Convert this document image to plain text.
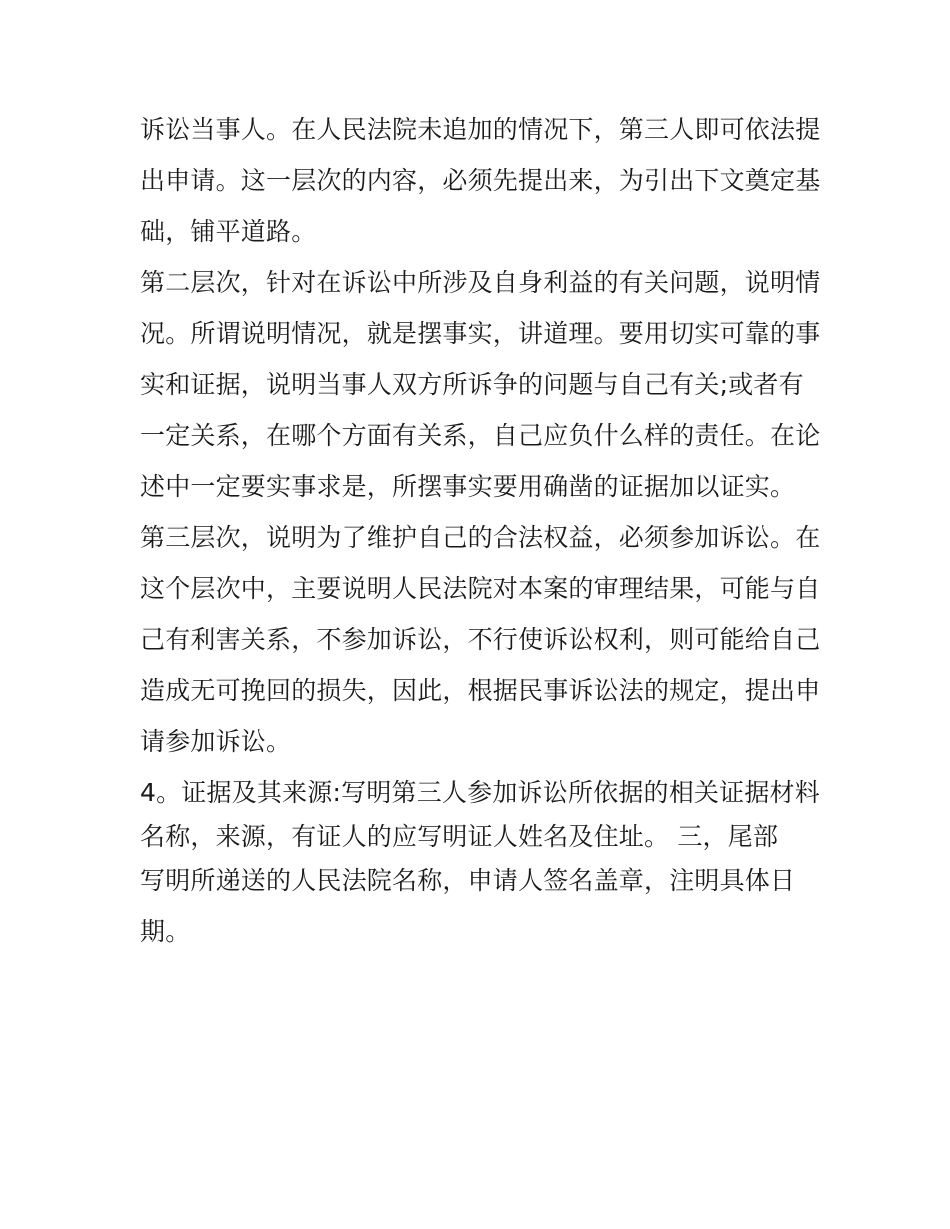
诉讼当事人。在人民法院未追加的情况下，第三人即可依法提
出申请。这一层次的内容，必须先提出来，为引出下文奠定基
础，铺平道路。
第二层次，针对在诉讼中所涉及自身利益的有关问题，说明情
况。所谓说明情况，就是摆事实，讲道理。要用切实可靠的事
实和证据，说明当事人双方所诉争的问题与自己有关;或者有
一定关系，在哪个方面有关系，自己应负什么样的责任。在论
述中一定要实事求是，所摆事实要用确凿的证据加以证实。
第三层次，说明为了维护自己的合法权益，必须参加诉讼。在
这个层次中，主要说明人民法院对本案的审理结果，可能与自
己有利害关系，不参加诉讼，不行使诉讼权利，则可能给自己
造成无可挽回的损失，因此，根据民事诉讼法的规定，提出申
请参加诉讼。
4。证据及其来源:写明第三人参加诉讼所依据的相关证据材料
名称，来源，有证人的应写明证人姓名及住址。 三，尾部
写明所递送的人民法院名称，申请人签名盖章，注明具体日
期。
